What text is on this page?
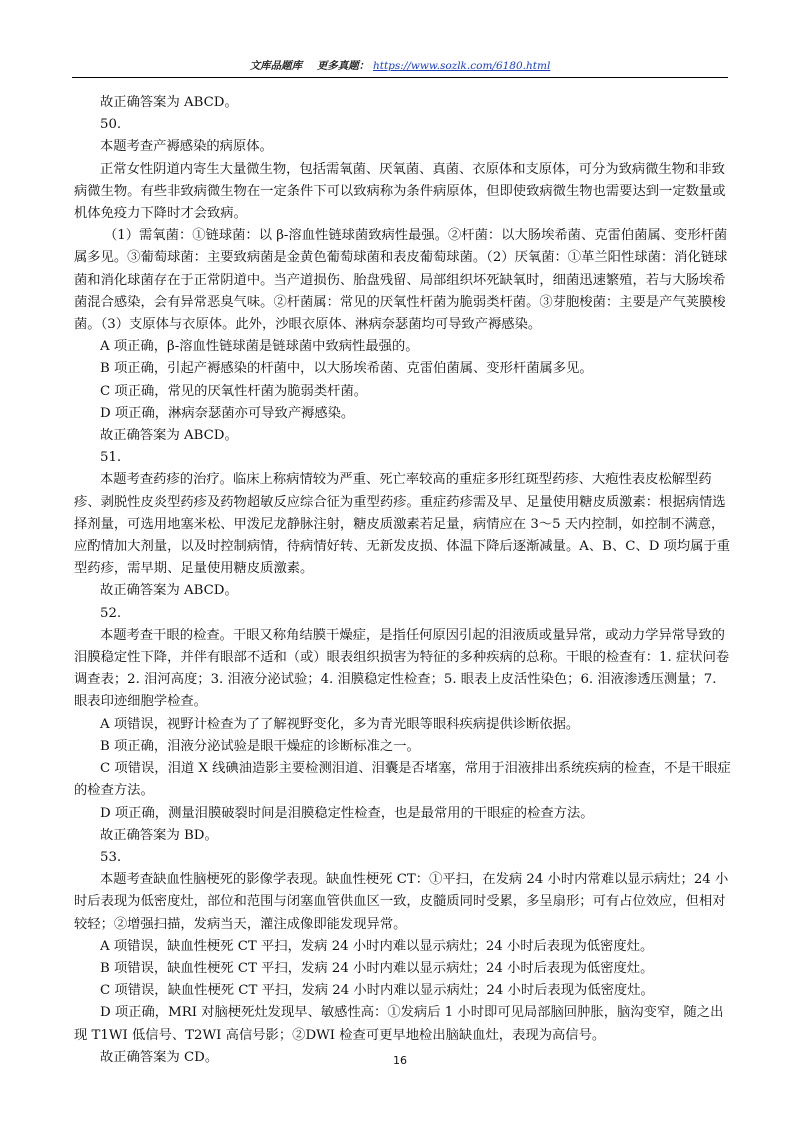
文库品题库 更多真题： https://www.sozlk.com/6180.html

故正确答案为 ABCD。

50.

本题考查产褥感染的病原体。

正常女性阴道内寄生大量微生物，包括需氧菌、厌氧菌、真菌、衣原体和支原体，可分为致病微生物和非致病微生物。有些非致病微生物在一定条件下可以致病称为条件病原体，但即使致病微生物也需要达到一定数量或机体免疫力下降时才会致病。

（1）需氧菌：①链球菌：以 β-溶血性链球菌致病性最强。②杆菌：以大肠埃希菌、克雷伯菌属、变形杆菌属多见。③葡萄球菌：主要致病菌是金黄色葡萄球菌和表皮葡萄球菌。（2）厌氧菌：①革兰阳性球菌：消化链球菌和消化球菌存在于正常阴道中。当产道损伤、胎盘残留、局部组织坏死缺氧时，细菌迅速繁殖，若与大肠埃希菌混合感染，会有异常恶臭气味。②杆菌属：常见的厌氧性杆菌为脆弱类杆菌。③芽胞梭菌：主要是产气荚膜梭菌。（3）支原体与衣原体。此外，沙眼衣原体、淋病奈瑟菌均可导致产褥感染。

A 项正确，β-溶血性链球菌是链球菌中致病性最强的。

B 项正确，引起产褥感染的杆菌中，以大肠埃希菌、克雷伯菌属、变形杆菌属多见。

C 项正确，常见的厌氧性杆菌为脆弱类杆菌。

D 项正确，淋病奈瑟菌亦可导致产褥感染。

故正确答案为 ABCD。

51.

本题考查药疹的治疗。临床上称病情较为严重、死亡率较高的重症多形红斑型药疹、大疱性表皮松解型药疹、剥脱性皮炎型药疹及药物超敏反应综合征为重型药疹。重症药疹需及早、足量使用糖皮质激素：根据病情选择剂量，可选用地塞米松、甲泼尼龙静脉注射，糖皮质激素若足量，病情应在 3～5 天内控制，如控制不满意，应酌情加大剂量，以及时控制病情，待病情好转、无新发皮损、体温下降后逐渐减量。A、B、C、D 项均属于重型药疹，需早期、足量使用糖皮质激素。

故正确答案为 ABCD。

52.

本题考查干眼的检查。干眼又称角结膜干燥症，是指任何原因引起的泪液质或量异常，或动力学异常导致的泪膜稳定性下降，并伴有眼部不适和（或）眼表组织损害为特征的多种疾病的总称。干眼的检查有：1. 症状问卷调查表；2. 泪河高度；3. 泪液分泌试验；4. 泪膜稳定性检查；5. 眼表上皮活性染色；6. 泪液渗透压测量；7. 眼表印迹细胞学检查。

A 项错误，视野计检查为了了解视野变化，多为青光眼等眼科疾病提供诊断依据。

B 项正确，泪液分泌试验是眼干燥症的诊断标准之一。

C 项错误，泪道 X 线碘油造影主要检测泪道、泪囊是否堵塞，常用于泪液排出系统疾病的检查，不是干眼症的检查方法。

D 项正确，测量泪膜破裂时间是泪膜稳定性检查，也是最常用的干眼症的检查方法。

故正确答案为 BD。

53.

本题考查缺血性脑梗死的影像学表现。缺血性梗死 CT：①平扫，在发病 24 小时内常难以显示病灶；24 小时后表现为低密度灶，部位和范围与闭塞血管供血区一致，皮髓质同时受累，多呈扇形；可有占位效应，但相对较轻；②增强扫描，发病当天，灌注成像即能发现异常。

A 项错误，缺血性梗死 CT 平扫，发病 24 小时内难以显示病灶；24 小时后表现为低密度灶。

B 项错误，缺血性梗死 CT 平扫，发病 24 小时内难以显示病灶；24 小时后表现为低密度灶。

C 项错误，缺血性梗死 CT 平扫，发病 24 小时内难以显示病灶；24 小时后表现为低密度灶。

D 项正确，MRI 对脑梗死灶发现早、敏感性高：①发病后 1 小时即可见局部脑回肿胀，脑沟变窄，随之出现 T1WI 低信号、T2WI 高信号影；②DWI 检查可更早地检出脑缺血灶，表现为高信号。

故正确答案为 CD。	16
